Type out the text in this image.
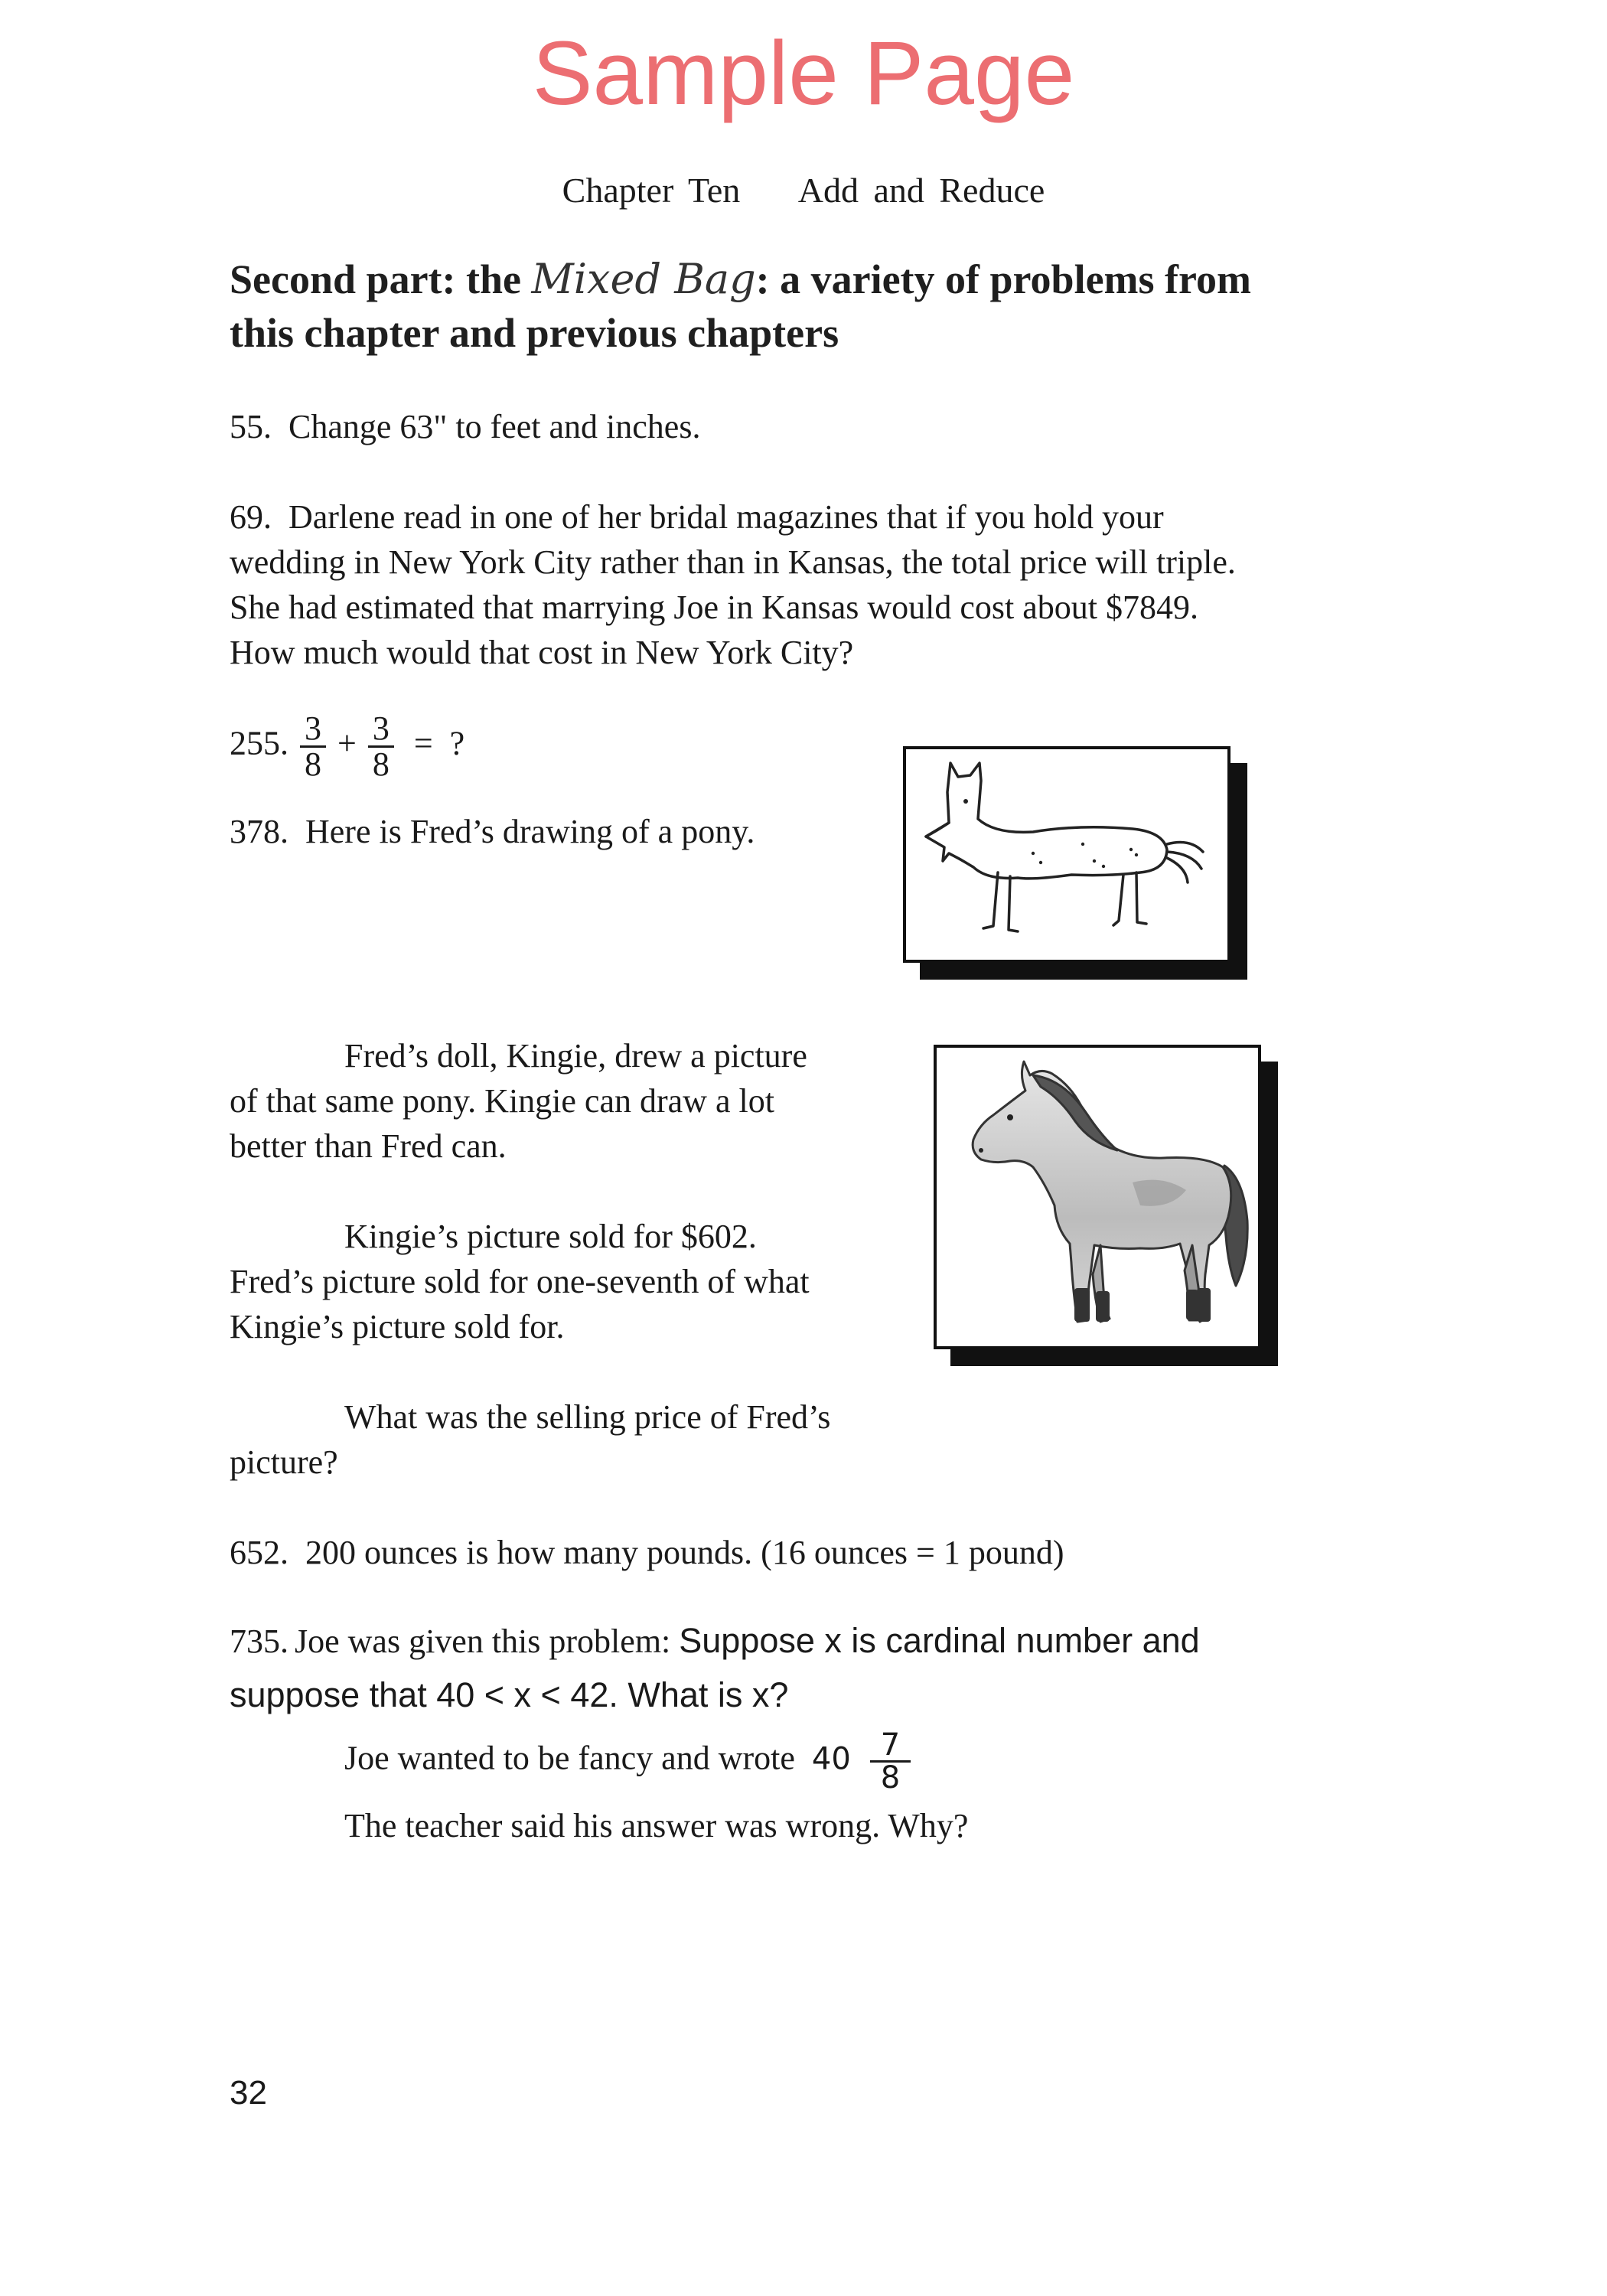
Sample Page
Chapter Ten Add and Reduce
Second part: the Mixed Bag: a variety of problems from
this chapter and previous chapters
55. Change 63" to feet and inches.
69. Darlene read in one of her bridal magazines that if you hold your
wedding in New York City rather than in Kansas, the total price will triple.
She had estimated that marrying Joe in Kansas would cost about $7849.
How much would that cost in New York City?
255. $\frac{3}{8} + \frac{3}{8}$ = ?
378. Here is Fred’s drawing of a pony.
Fred’s doll, Kingie, drew a picture
of that same pony. Kingie can draw a lot
better than Fred can.
Kingie’s picture sold for $602.
Fred’s picture sold for one-seventh of what
Kingie’s picture sold for.
What was the selling price of Fred’s
picture?
652. 200 ounces is how many pounds. (16 ounces = 1 pound)
735. Joe was given this problem: Suppose x is cardinal number and
suppose that 40 < x < 42. What is x?
Joe wanted to be fancy and wrote $40 \frac{7}{8}$
The teacher said his answer was wrong. Why?
32
